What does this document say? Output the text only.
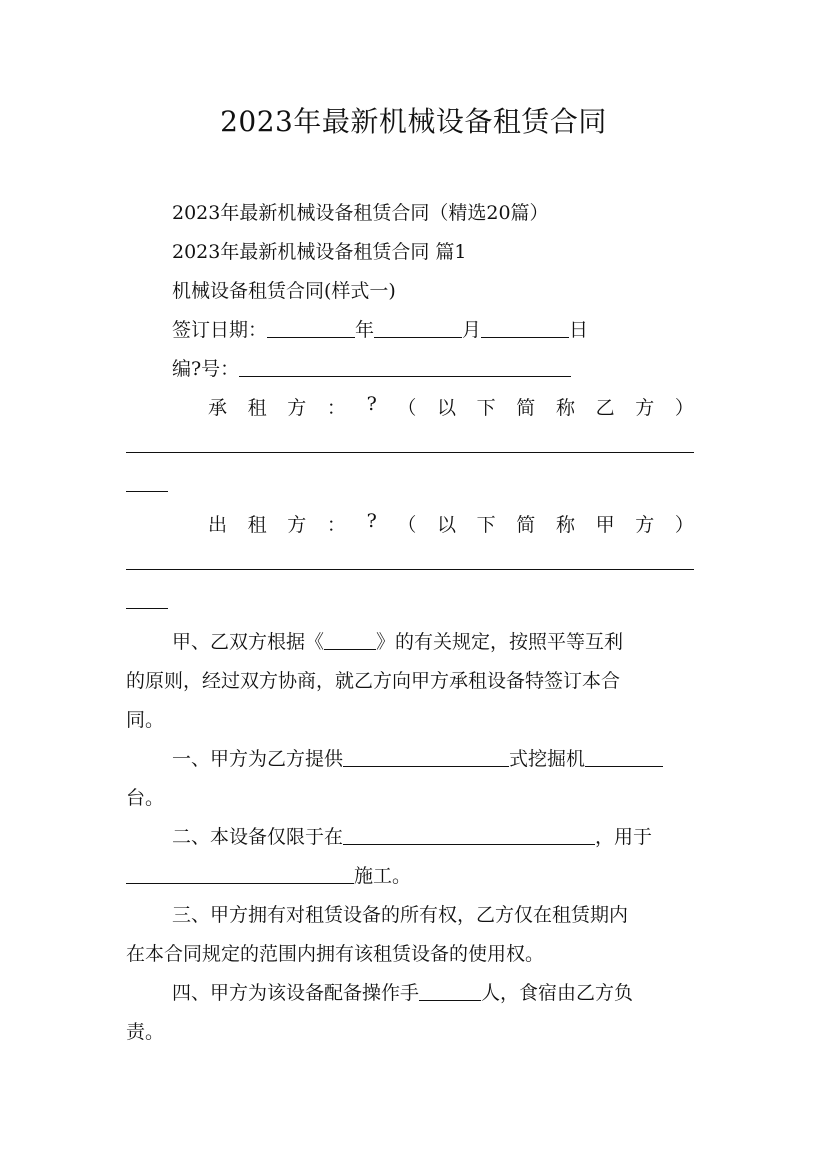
2023年最新机械设备租赁合同
2023年最新机械设备租赁合同（精选20篇）
2023年最新机械设备租赁合同 篇1
机械设备租赁合同(样式一)
签订日期：	年	月	日
编?号：
承 租 方 ： ? （ 以 下 简 称 乙 方 ）
出 租 方 ： ? （ 以 下 简 称 甲 方 ）
甲、乙双方根据《	》的有关规定，按照平等互利
的原则，经过双方协商，就乙方向甲方承租设备特签订本合
同。
一、甲方为乙方提供	式挖掘机
台。
二、本设备仅限于在	，用于
施工。
三、甲方拥有对租赁设备的所有权，乙方仅在租赁期内
在本合同规定的范围内拥有该租赁设备的使用权。
四、甲方为该设备配备操作手	人，食宿由乙方负
责。
